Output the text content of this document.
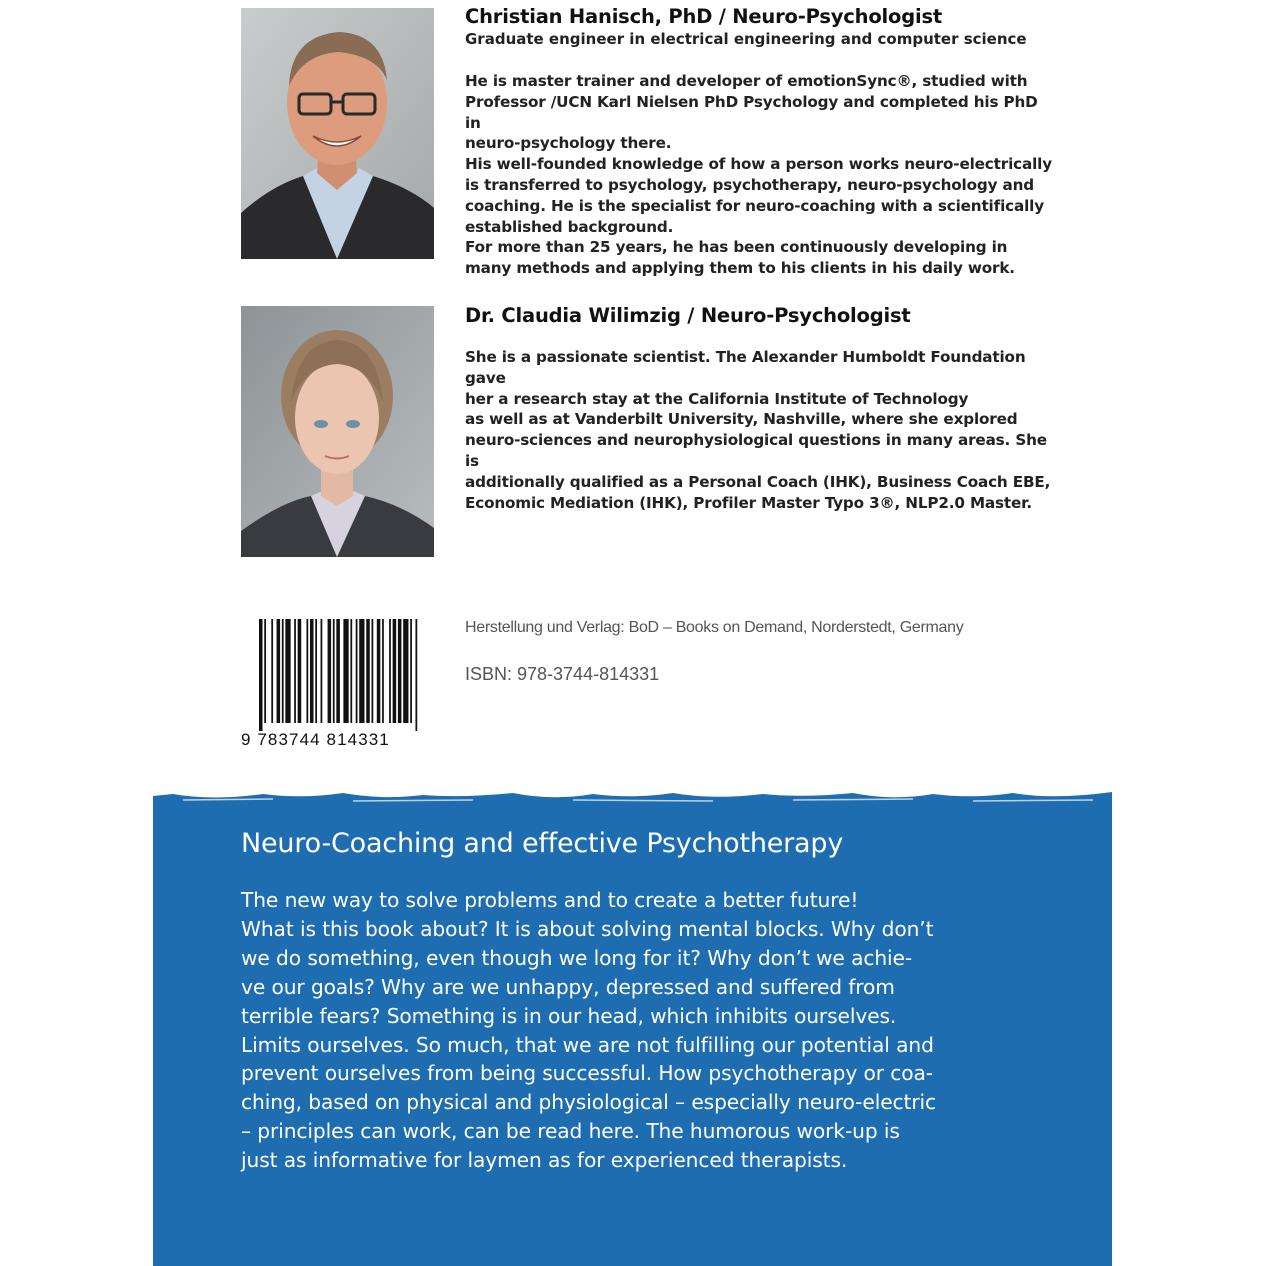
Christian Hanisch, PhD / Neuro-Psychologist

Graduate engineer in electrical engineering and computer science

He is master trainer and developer of emotionSync®, studied with

Professor /UCN Karl Nielsen PhD Psychology and completed his PhD in

neuro-psychology there.

His well-founded knowledge of how a person works neuro-electrically

is transferred to psychology, psychotherapy, neuro-psychology and

coaching. He is the specialist for neuro-coaching with a scientifically

established background.

For more than 25 years, he has been continuously developing in

many methods and applying them to his clients in his daily work.

Dr. Claudia Wilimzig / Neuro-Psychologist

She is a passionate scientist. The Alexander Humboldt Foundation gave

her a research stay at the California Institute of Technology

as well as at Vanderbilt University, Nashville, where she explored

neuro-sciences and neurophysiological questions in many areas. She is

additionally qualified as a Personal Coach (IHK), Business Coach EBE,

Economic Mediation (IHK), Profiler Master Typo 3®, NLP2.0 Master.

9 783744 814331
Herstellung und Verlag: BoD – Books on Demand, Norderstedt, Germany
ISBN: 978-3744-814331
Neuro-Coaching and effective Psychotherapy
The new way to solve problems and to create a better future!
What is this book about? It is about solving mental blocks. Why don’t
we do something, even though we long for it? Why don’t we achie-
ve our goals? Why are we unhappy, depressed and suffered from
terrible fears? Something is in our head, which inhibits ourselves.
Limits ourselves. So much, that we are not fulfilling our potential and
prevent ourselves from being successful. How psychotherapy or coa-
ching, based on physical and physiological – especially neuro-electric
– principles can work, can be read here. The humorous work-up is
just as informative for laymen as for experienced therapists.
